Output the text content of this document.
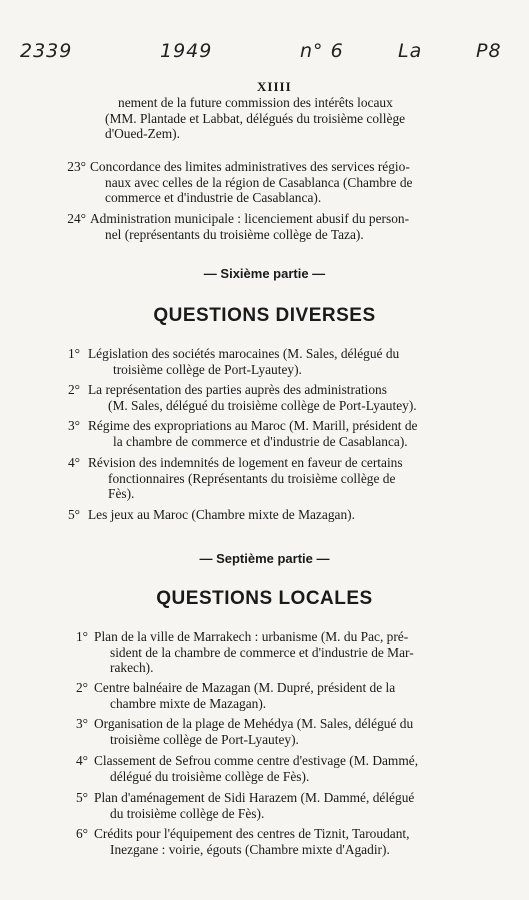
2339	1949	n° 6	La	P8
XIIII
nement de la future commission des intérêts locaux
(MM. Plantade et Labbat, délégués du troisième collège
d'Oued-Zem).
23° Concordance des limites administratives des services régio-
naux avec celles de la région de Casablanca (Chambre de
commerce et d'industrie de Casablanca).
24° Administration municipale : licenciement abusif du person-
nel (représentants du troisième collège de Taza).
— Sixième partie —
QUESTIONS DIVERSES
1° Législation des sociétés marocaines (M. Sales, délégué du
troisième collège de Port-Lyautey).
2° La représentation des parties auprès des administrations
(M. Sales, délégué du troisième collège de Port-Lyautey).
3° Régime des expropriations au Maroc (M. Marill, président de
la chambre de commerce et d'industrie de Casablanca).
4° Révision des indemnités de logement en faveur de certains
fonctionnaires (Représentants du troisième collège de
Fès).
5° Les jeux au Maroc (Chambre mixte de Mazagan).
— Septième partie —
QUESTIONS LOCALES
1° Plan de la ville de Marrakech : urbanisme (M. du Pac, pré-
sident de la chambre de commerce et d'industrie de Mar-
rakech).
2° Centre balnéaire de Mazagan (M. Dupré, président de la
chambre mixte de Mazagan).
3° Organisation de la plage de Mehédya (M. Sales, délégué du
troisième collège de Port-Lyautey).
4° Classement de Sefrou comme centre d'estivage (M. Dammé,
délégué du troisième collège de Fès).
5° Plan d'aménagement de Sidi Harazem (M. Dammé, délégué
du troisième collège de Fès).
6° Crédits pour l'équipement des centres de Tiznit, Taroudant,
Inezgane : voirie, égouts (Chambre mixte d'Agadir).
